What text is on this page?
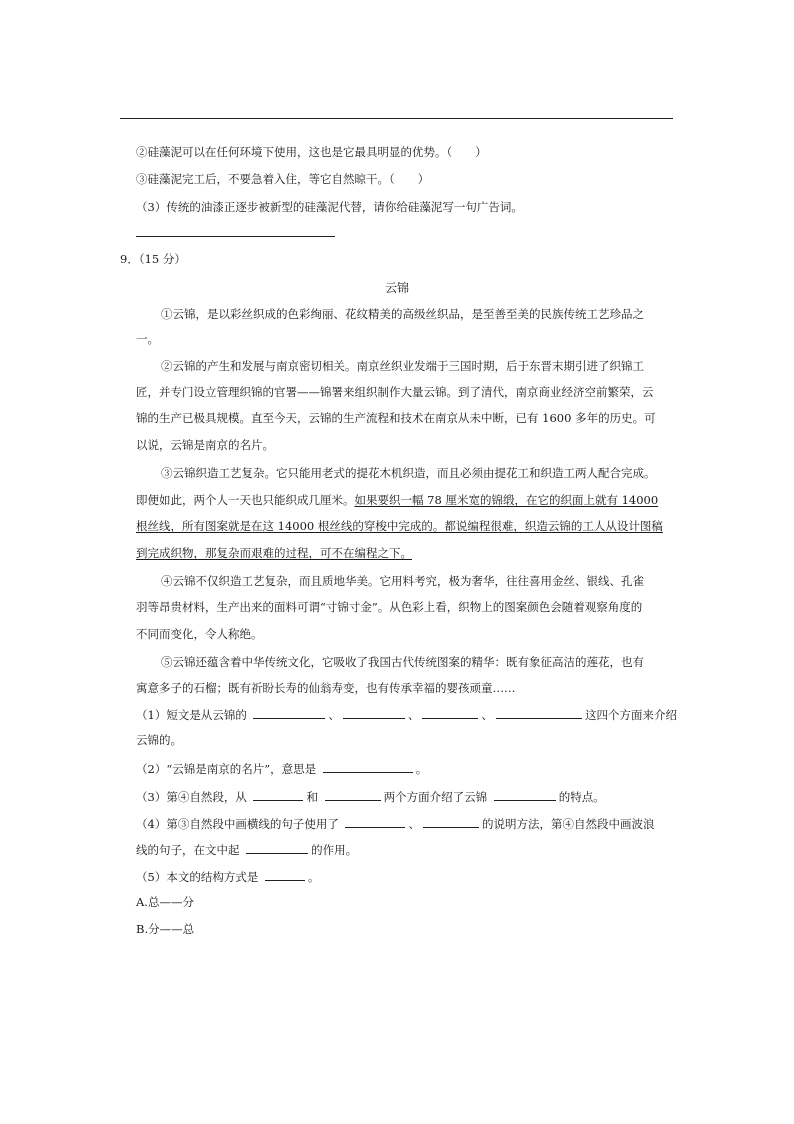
②硅藻泥可以在任何环境下使用，这也是它最具明显的优势。（　　）
③硅藻泥完工后，不要急着入住，等它自然晾干。（　　）
（3）传统的油漆正逐步被新型的硅藻泥代替，请你给硅藻泥写一句广告词。
9．（15 分）
云锦
①云锦，是以彩丝织成的色彩绚丽、花纹精美的高级丝织品，是至善至美的民族传统工艺珍品之
一。
②云锦的产生和发展与南京密切相关。南京丝织业发端于三国时期，后于东晋末期引进了织锦工
匠，并专门设立管理织锦的官署——锦署来组织制作大量云锦。到了清代，南京商业经济空前繁荣，云
锦的生产已极具规模。直至今天，云锦的生产流程和技术在南京从未中断，已有 1600 多年的历史。可
以说，云锦是南京的名片。
③云锦织造工艺复杂。它只能用老式的提花木机织造，而且必须由提花工和织造工两人配合完成。
即便如此，两个人一天也只能织成几厘米。如果要织一幅 78 厘米宽的锦缎，在它的织面上就有 14000
根丝线，所有图案就是在这 14000 根丝线的穿梭中完成的。都说编程很难，织造云锦的工人从设计图稿
到完成织物，那复杂而艰难的过程，可不在编程之下。
④云锦不仅织造工艺复杂，而且质地华美。它用料考究，极为奢华，往往喜用金丝、银线、孔雀
羽等昂贵材料，生产出来的面料可谓“寸锦寸金”。从色彩上看，织物上的图案颜色会随着观察角度的
不同而变化，令人称绝。
⑤云锦还蕴含着中华传统文化，它吸收了我国古代传统图案的精华：既有象征高洁的莲花，也有
寓意多子的石榴；既有祈盼长寿的仙翁寿变，也有传承幸福的婴孩顽童……
（1）短文是从云锦的	、	、	、	这四个方面来介绍
云锦的。
（2）“云锦是南京的名片”，意思是	。
（3）第④自然段，从	和	两个方面介绍了云锦	的特点。
（4）第③自然段中画横线的句子使用了	、	的说明方法，第④自然段中画波浪
线的句子，在文中起	的作用。
（5）本文的结构方式是	。
A.总——分
B.分——总
